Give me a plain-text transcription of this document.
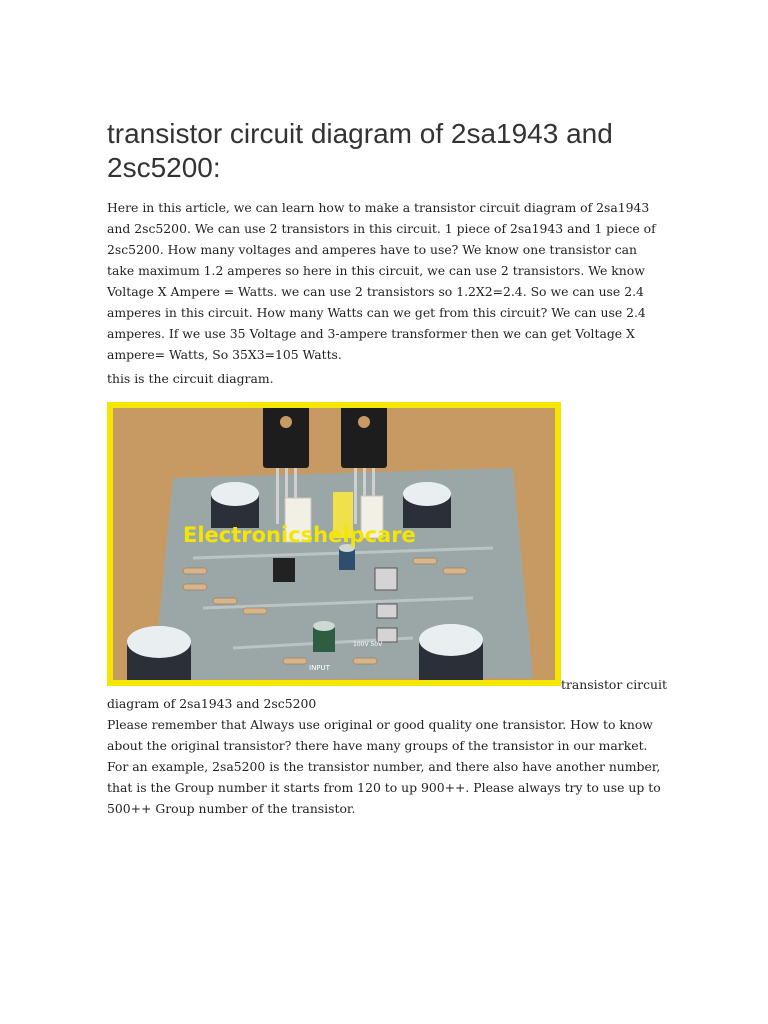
transistor circuit diagram of 2sa1943 and 2sc5200:

Here in this article, we can learn how to make a transistor circuit diagram of 2sa1943 and 2sc5200. We can use 2 transistors in this circuit. 1 piece of 2sa1943 and 1 piece of 2sc5200. How many voltages and amperes have to use? We know one transistor can take maximum 1.2 amperes so here in this circuit, we can use 2 transistors. We know Voltage X Ampere = Watts. we can use 2 transistors so 1.2X2=2.4. So we can use 2.4 amperes in this circuit. How many Watts can we get from this circuit? We can use 2.4 amperes. If we use 35 Voltage and 3-ampere transformer then we can get Voltage X ampere= Watts, So 35X3=105 Watts.

this is the circuit diagram.

INPUT
100V 50V
Electronicshelpcare
transistor circuit
diagram of 2sa1943 and 2sc5200

Please remember that Always use original or good quality one transistor. How to know about the original transistor? there have many groups of the transistor in our market. For an example, 2sa5200 is the transistor number, and there also have another number, that is the Group number it starts from 120 to up 900++. Please always try to use up to 500++ Group number of the transistor.
